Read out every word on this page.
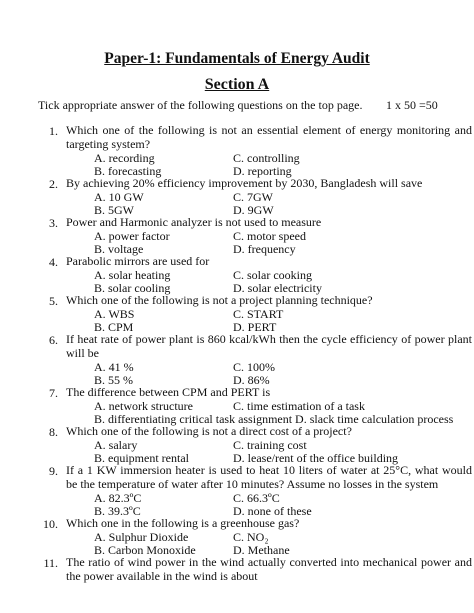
Paper-1: Fundamentals of Energy Audit
Section A
Tick appropriate answer of the following questions on the top page. 1 x 50 =50
1. Which one of the following is not an essential element of energy monitoring and targeting system?
A. recording	C. controlling
B. forecasting	D. reporting
2. By achieving 20% efficiency improvement by 2030, Bangladesh will save
A. 10 GW	C. 7GW
B. 5GW	D. 9GW
3. Power and Harmonic analyzer is not used to measure
A. power factor	C. motor speed
B. voltage	D. frequency
4. Parabolic mirrors are used for
A. solar heating	C. solar cooking
B. solar cooling	D. solar electricity
5. Which one of the following is not a project planning technique?
A. WBS	C. START
B. CPM	D. PERT
6. If heat rate of power plant is 860 kcal/kWh then the cycle efficiency of power plant will be
A. 41 %	C. 100%
B. 55 %	D. 86%
7. The difference between CPM and PERT is
A. network structure	C. time estimation of a task
B. differentiating critical task assignment D. slack time calculation process
8. Which one of the following is not a direct cost of a project?
A. salary	C. training cost
B. equipment rental	D. lease/rent of the office building
9. If a 1 KW immersion heater is used to heat 10 liters of water at 25°C, what would be the temperature of water after 10 minutes? Assume no losses in the system
A. 82.3ºC	C. 66.3ºC
B. 39.3ºC	D. none of these
10. Which one in the following is a greenhouse gas?
A. Sulphur Dioxide	C. NO₂
B. Carbon Monoxide	D. Methane
11. The ratio of wind power in the wind actually converted into mechanical power and the power available in the wind is about
